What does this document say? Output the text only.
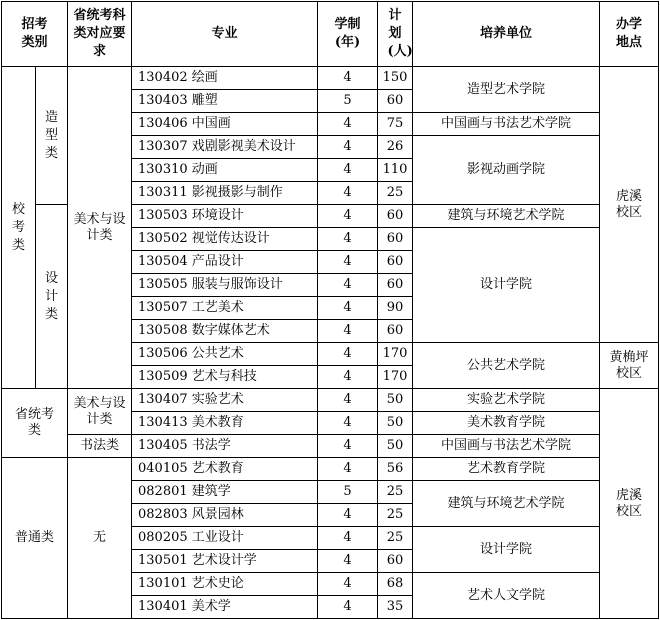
招考类别		省统考科类对应要求	专业	学制(年)	计划(人)	培养单位	办学地点
校考类	造型类	美术与设计类	130402 绘画	4	150	造型艺术学院	虎溪校区
			130403 雕塑	5	60		
			130406 中国画	4	75	中国画与书法艺术学院	
			130307 戏剧影视美术设计	4	26	影视动画学院	
			130310 动画	4	110		
			130311 影视摄影与制作	4	25		
	设计类		130503 环境设计	4	60	建筑与环境艺术学院	
			130502 视觉传达设计	4	60	设计学院	
			130504 产品设计	4	60		
			130505 服装与服饰设计	4	60		
			130507 工艺美术	4	90		
			130508 数字媒体艺术	4	60		
			130506 公共艺术	4	170	公共艺术学院	黄桷坪校区
			130509 艺术与科技	4	170		
省统考类		美术与设计类	130407 实验艺术	4	50	实验艺术学院	虎溪校区
			130413 美术教育	4	50	美术教育学院	
		书法类	130405 书法学	4	50	中国画与书法艺术学院	
普通类		无	040105 艺术教育	4	56	艺术教育学院	
			082801 建筑学	5	25	建筑与环境艺术学院	
			082803 风景园林	4	25		
			080205 工业设计	4	25	设计学院	
			130501 艺术设计学	4	60		
			130101 艺术史论	4	68	艺术人文学院	
			130401 美术学	4	35		
